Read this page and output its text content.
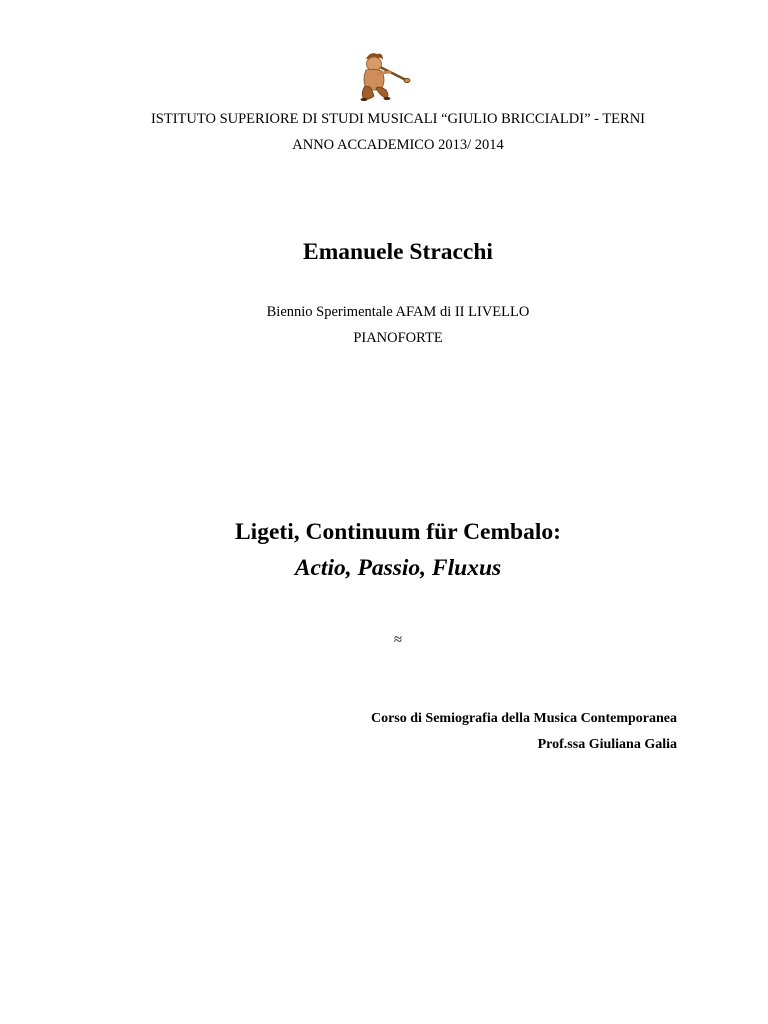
ISTITUTO SUPERIORE DI STUDI MUSICALI “GIULIO BRICCIALDI” - TERNI
ANNO ACCADEMICO 2013/ 2014
Emanuele Stracchi
Biennio Sperimentale AFAM di II LIVELLO
PIANOFORTE
Ligeti, Continuum für Cembalo:
Actio, Passio, Fluxus
≈
Corso di Semiografia della Musica Contemporanea
Prof.ssa Giuliana Galia
